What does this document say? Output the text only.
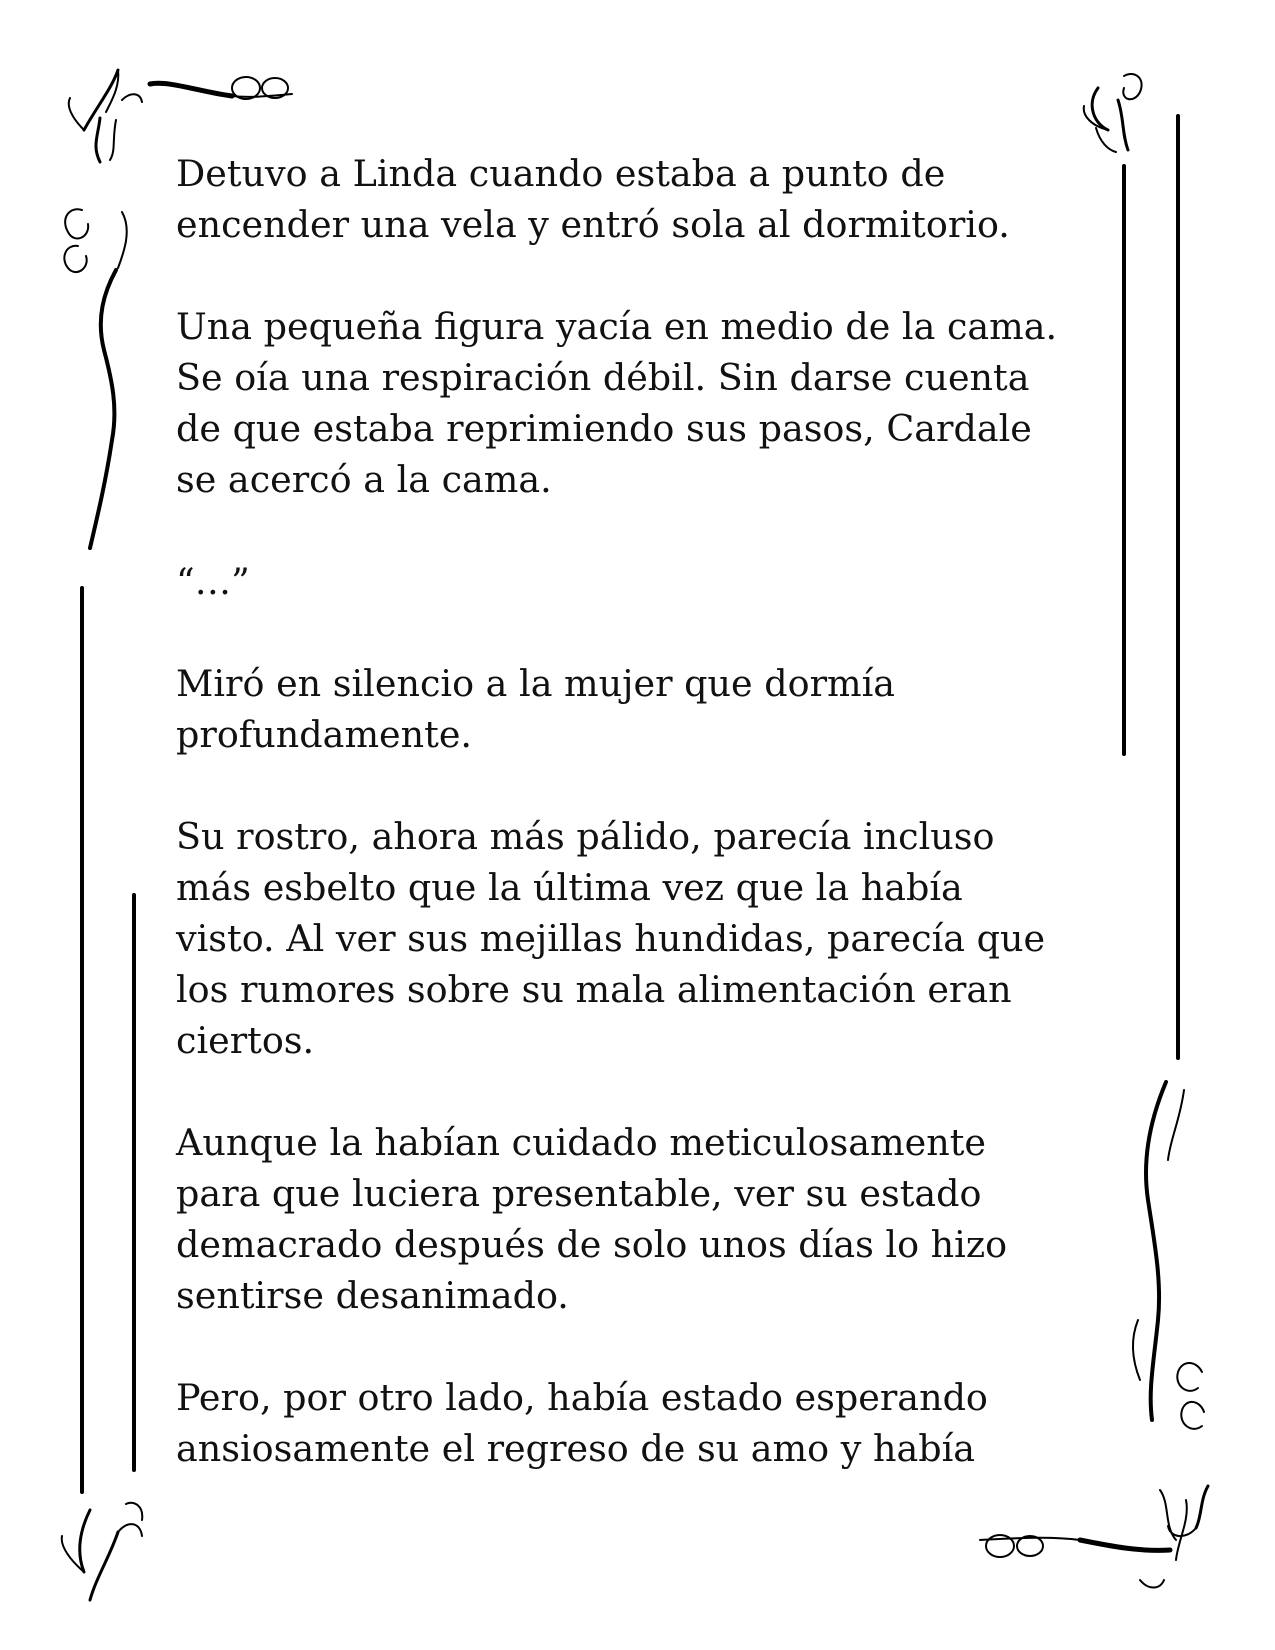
Detuvo a Linda cuando estaba a punto de
encender una vela y entró sola al dormitorio.

Una pequeña figura yacía en medio de la cama.
Se oía una respiración débil. Sin darse cuenta
de que estaba reprimiendo sus pasos, Cardale
se acercó a la cama.

“…”

Miró en silencio a la mujer que dormía
profundamente.

Su rostro, ahora más pálido, parecía incluso
más esbelto que la última vez que la había
visto. Al ver sus mejillas hundidas, parecía que
los rumores sobre su mala alimentación eran
ciertos.

Aunque la habían cuidado meticulosamente
para que luciera presentable, ver su estado
demacrado después de solo unos días lo hizo
sentirse desanimado.

Pero, por otro lado, había estado esperando
ansiosamente el regreso de su amo y había
